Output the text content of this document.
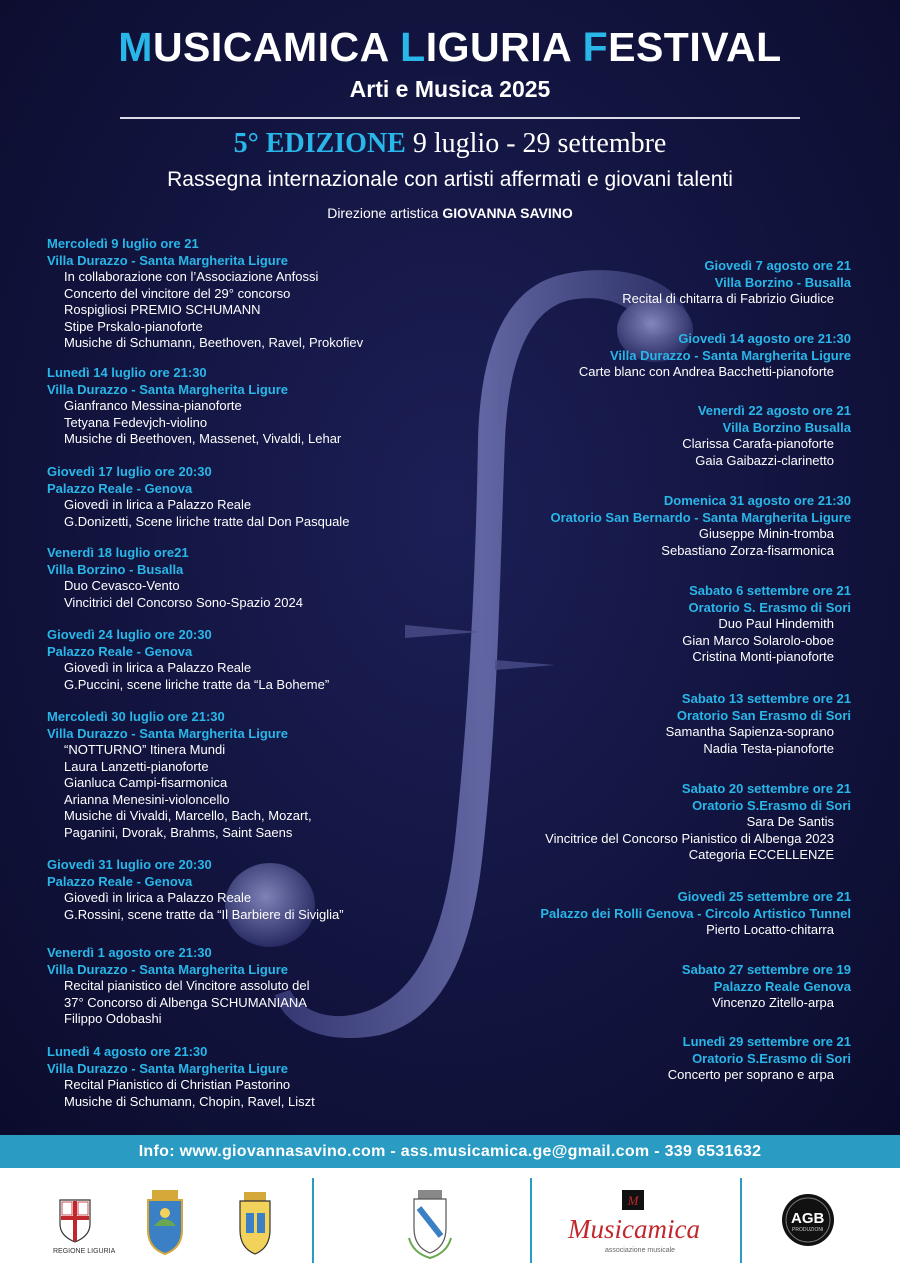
MUSICAMICA LIGURIA FESTIVAL
Arti e Musica 2025
5° EDIZIONE 9 luglio - 29 settembre
Rassegna internazionale con artisti affermati e giovani talenti
Direzione artistica GIOVANNA SAVINO
Mercoledì 9 luglio ore 21
Villa Durazzo - Santa Margherita Ligure
In collaborazione con l’Associazione Anfossi
Concerto del vincitore del 29° concorso
Rospigliosi PREMIO SCHUMANN
Stipe Prskalo-pianoforte
Musiche di Schumann, Beethoven, Ravel, Prokofiev
Lunedì 14 luglio ore 21:30
Villa Durazzo - Santa Margherita Ligure
Gianfranco Messina-pianoforte
Tetyana Fedevjch-violino
Musiche di Beethoven, Massenet, Vivaldi, Lehar
Giovedì 17 luglio ore 20:30
Palazzo Reale - Genova
Giovedì in lirica a Palazzo Reale
G.Donizetti, Scene liriche tratte dal Don Pasquale
Venerdì 18 luglio ore21
Villa Borzino - Busalla
Duo Cevasco-Vento
Vincitrici del Concorso Sono-Spazio 2024
Giovedì 24 luglio ore 20:30
Palazzo Reale - Genova
Giovedì in lirica a Palazzo Reale
G.Puccini, scene liriche tratte da “La Boheme”
Mercoledì 30 luglio ore 21:30
Villa Durazzo - Santa Margherita Ligure
“NOTTURNO” Itinera Mundi
Laura Lanzetti-pianoforte
Gianluca Campi-fisarmonica
Arianna Menesini-violoncello
Musiche di Vivaldi, Marcello, Bach, Mozart,
Paganini, Dvorak, Brahms, Saint Saens
Giovedì 31 luglio ore 20:30
Palazzo Reale - Genova
Giovedì in lirica a Palazzo Reale
G.Rossini, scene tratte da “Il Barbiere di Siviglia”
Venerdì 1 agosto ore 21:30
Villa Durazzo - Santa Margherita Ligure
Recital pianistico del Vincitore assoluto del
37° Concorso di Albenga SCHUMANIANA
Filippo Odobashi
Lunedì 4 agosto ore 21:30
Villa Durazzo - Santa Margherita Ligure
Recital Pianistico di Christian Pastorino
Musiche di Schumann, Chopin, Ravel, Liszt
Giovedì 7 agosto ore 21
Villa Borzino - Busalla
Recital di chitarra di Fabrizio Giudice
Giovedì 14 agosto ore 21:30
Villa Durazzo - Santa Margherita Ligure
Carte blanc con Andrea Bacchetti-pianoforte
Venerdì 22 agosto ore 21
Villa Borzino Busalla
Clarissa Carafa-pianoforte
Gaia Gaibazzi-clarinetto
Domenica 31 agosto ore 21:30
Oratorio San Bernardo - Santa Margherita Ligure
Giuseppe Minin-tromba
Sebastiano Zorza-fisarmonica
Sabato 6 settembre ore 21
Oratorio S. Erasmo di Sori
Duo Paul Hindemith
Gian Marco Solarolo-oboe
Cristina Monti-pianoforte
Sabato 13 settembre ore 21
Oratorio San Erasmo di Sori
Samantha Sapienza-soprano
Nadia Testa-pianoforte
Sabato 20 settembre ore 21
Oratorio S.Erasmo di Sori
Sara De Santis
Vincitrice del Concorso Pianistico di Albenga 2023
Categoria ECCELLENZE
Giovedì 25 settembre ore 21
Palazzo dei Rolli Genova - Circolo Artistico Tunnel
Pierto Locatto-chitarra
Sabato 27 settembre ore 19
Palazzo Reale Genova
Vincenzo Zitello-arpa
Lunedì 29 settembre ore 21
Oratorio S.Erasmo di Sori
Concerto per soprano e arpa
Info: www.giovannasavino.com - ass.musicamica.ge@gmail.com - 339 6531632
REGIONE LIGURIA
M
Musicamica
associazione musicale
AGB
PRODUZIONI
